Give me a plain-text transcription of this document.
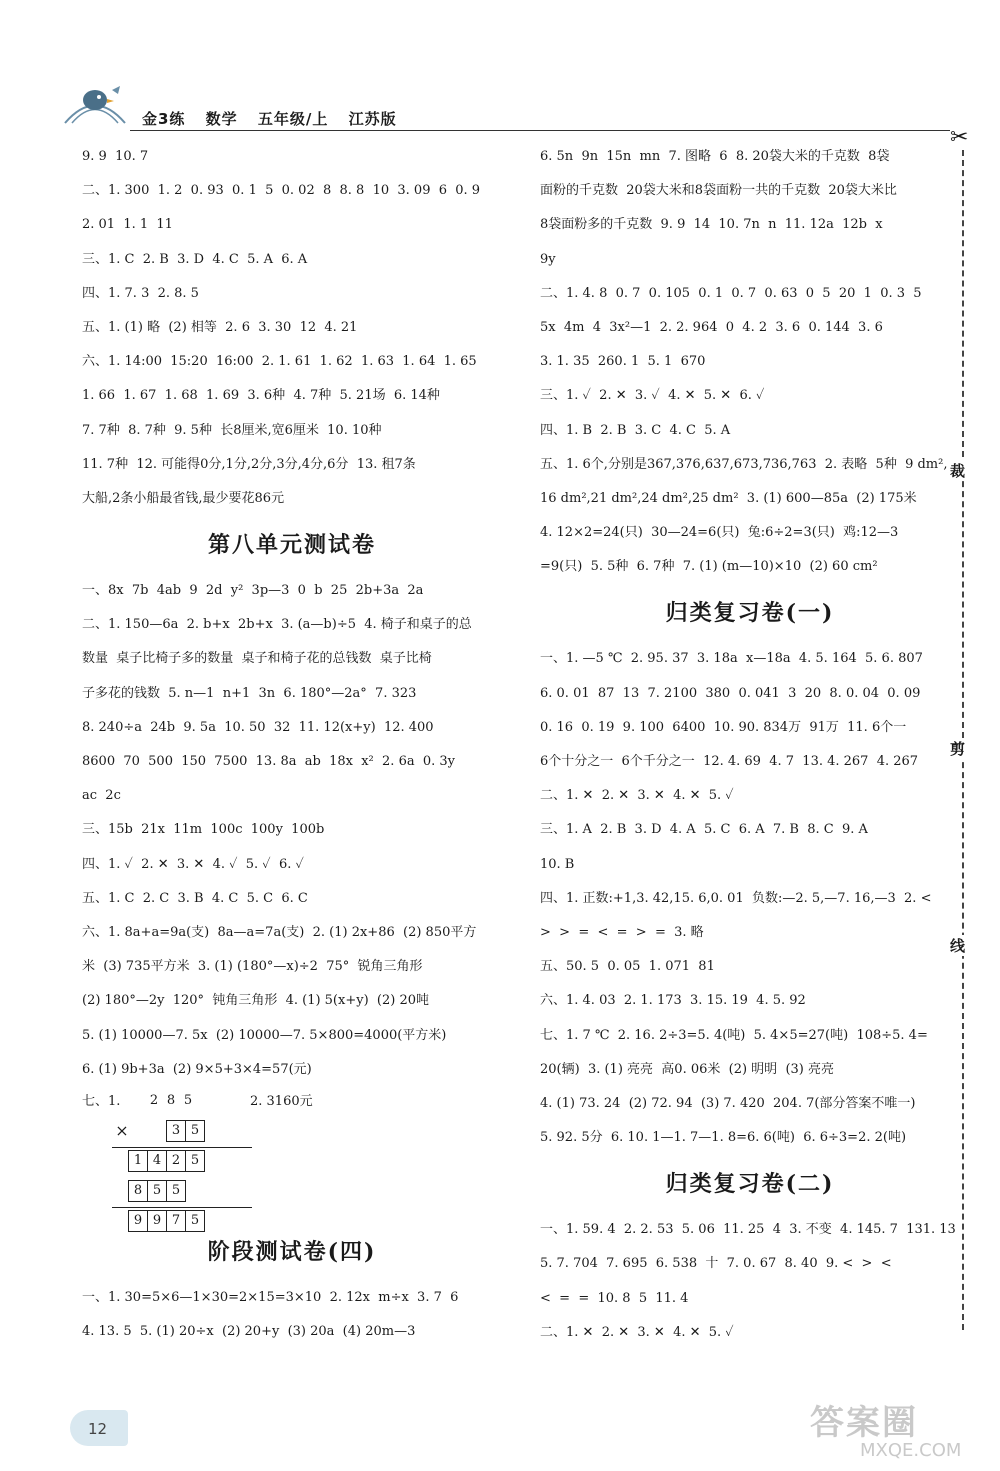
金3练 数学 五年级/上 江苏版
9. 9  10. 7
二、1. 300  1. 2  0. 93  0. 1  5  0. 02  8  8. 8  10  3. 09  6  0. 9
2. 01  1. 1  11
三、1. C  2. B  3. D  4. C  5. A  6. A
四、1. 7. 3  2. 8. 5
五、1. (1) 略  (2) 相等  2. 6  3. 30  12  4. 21
六、1. 14:00  15:20  16:00  2. 1. 61  1. 62  1. 63  1. 64  1. 65
1. 66  1. 67  1. 68  1. 69  3. 6种  4. 7种  5. 21场  6. 14种
7. 7种  8. 7种  9. 5种  长8厘米,宽6厘米  10. 10种
11. 7种  12. 可能得0分,1分,2分,3分,4分,6分  13. 租7条
大船,2条小船最省钱,最少要花86元
第八单元测试卷
一、8x  7b  4ab  9  2d  y²  3p—3  0  b  25  2b+3a  2a
二、1. 150—6a  2. b+x  2b+x  3. (a—b)÷5  4. 椅子和桌子的总
数量  桌子比椅子多的数量  桌子和椅子花的总钱数  桌子比椅
子多花的钱数  5. n—1  n+1  3n  6. 180°—2a°  7. 323
8. 240÷a  24b  9. 5a  10. 50  32  11. 12(x+y)  12. 400
8600  70  500  150  7500  13. 8a  ab  18x  x²  2. 6a  0. 3y
ac  2c
三、15b  21x  11m  100c  100y  100b
四、1. ✓  2. ✕  3. ✕  4. ✓  5. ✓  6. ✓
五、1. C  2. C  3. B  4. C  5. C  6. C
六、1. 8a+a=9a(支)  8a—a=7a(支)  2. (1) 2x+86  (2) 850平方
米  (3) 735平方米  3. (1) (180°—x)÷2  75°  锐角三角形
(2) 180°—2y  120°  钝角三角形  4. (1) 5(x+y)  (2) 20吨
5. (1) 10000—7. 5x  (2) 10000—7. 5×800=4000(平方米)
6. (1) 9b+3a  (2) 9×5+3×4=57(元)
七、1.	2. 3160元
2 8 5
×	3 5
1 4 2 5
8 5 5
9 9 7 5
阶段测试卷(四)
一、1. 30=5×6—1×30=2×15=3×10  2. 12x  m÷x  3. 7  6
4. 13. 5  5. (1) 20÷x  (2) 20+y  (3) 20a  (4) 20m—3
6. 5n  9n  15n  mn  7. 图略  6  8. 20袋大米的千克数  8袋
面粉的千克数  20袋大米和8袋面粉一共的千克数  20袋大米比
8袋面粉多的千克数  9. 9  14  10. 7n  n  11. 12a  12b  x
9y
二、1. 4. 8  0. 7  0. 105  0. 1  0. 7  0. 63  0  5  20  1  0. 3  5
5x  4m  4  3x²—1  2. 2. 964  0  4. 2  3. 6  0. 144  3. 6
3. 1. 35  260. 1  5. 1  670
三、1. ✓  2. ✕  3. ✓  4. ✕  5. ✕  6. ✓
四、1. B  2. B  3. C  4. C  5. A
五、1. 6个,分别是367,376,637,673,736,763  2. 表略  5种  9 dm²,
16 dm²,21 dm²,24 dm²,25 dm²  3. (1) 600—85a  (2) 175米
4. 12×2=24(只)  30—24=6(只)  兔:6÷2=3(只)  鸡:12—3
=9(只)  5. 5种  6. 7种  7. (1) (m—10)×10  (2) 60 cm²
归类复习卷(一)
一、1. —5 ℃  2. 95. 37  3. 18a  x—18a  4. 5. 164  5. 6. 807
6. 0. 01  87  13  7. 2100  380  0. 041  3  20  8. 0. 04  0. 09
0. 16  0. 19  9. 100  6400  10. 90. 834万  91万  11. 6个一
6个十分之一  6个千分之一  12. 4. 69  4. 7  13. 4. 267  4. 267
二、1. ✕  2. ✕  3. ✕  4. ✕  5. ✓
三、1. A  2. B  3. D  4. A  5. C  6. A  7. B  8. C  9. A
10. B
四、1. 正数:+1,3. 42,15. 6,0. 01  负数:—2. 5,—7. 16,—3  2. <
>  >  =  <  =  >  =  3. 略
五、50. 5  0. 05  1. 071  81
六、1. 4. 03  2. 1. 173  3. 15. 19  4. 5. 92
七、1. 7 ℃  2. 16. 2÷3=5. 4(吨)  5. 4×5=27(吨)  108÷5. 4=
20(辆)  3. (1) 亮亮  高0. 06米  (2) 明明  (3) 亮亮
4. (1) 73. 24  (2) 72. 94  (3) 7. 420  204. 7(部分答案不唯一)
5. 92. 5分  6. 10. 1—1. 7—1. 8=6. 6(吨)  6. 6÷3=2. 2(吨)
归类复习卷(二)
一、1. 59. 4  2. 2. 53  5. 06  11. 25  4  3. 不变  4. 145. 7  131. 13
5. 7. 704  7. 695  6. 538  十  7. 0. 67  8. 40  9. <  >  <
<  =  =  10. 8  5  11. 4
二、1. ✕  2. ✕  3. ✕  4. ✕  5. ✓
✂
裁
剪
线
12	答案圈
MXQE.COM
